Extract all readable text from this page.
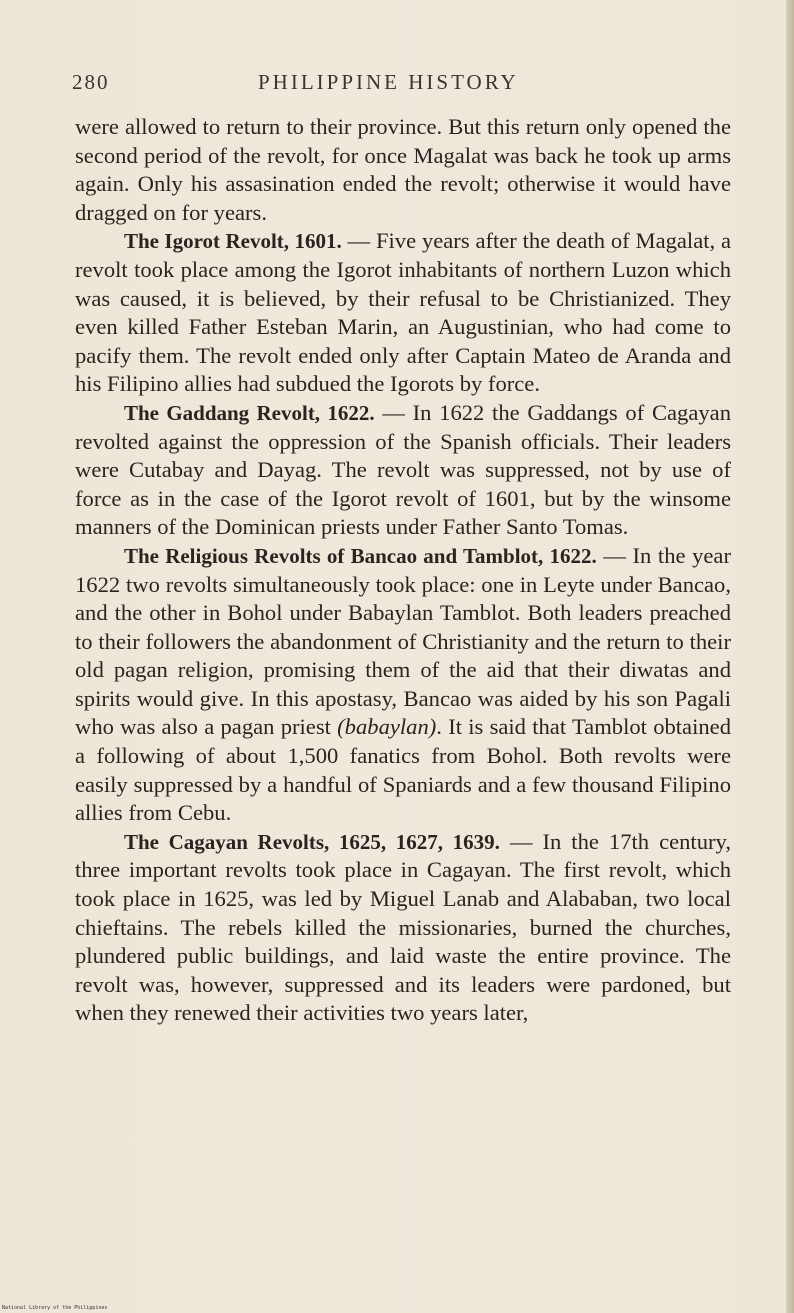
280	PHILIPPINE HISTORY

were allowed to return to their province. But this return only opened the second period of the revolt, for once Magalat was back he took up arms again. Only his assasination ended the revolt; otherwise it would have dragged on for years.

The Igorot Revolt, 1601. — Five years after the death of Magalat, a revolt took place among the Igorot inhabitants of northern Luzon which was caused, it is believed, by their refusal to be Christianized. They even killed Father Esteban Marin, an Augustinian, who had come to pacify them. The revolt ended only after Captain Mateo de Aranda and his Filipino allies had subdued the Igorots by force.

The Gaddang Revolt, 1622. — In 1622 the Gaddangs of Cagayan revolted against the oppression of the Spanish officials. Their leaders were Cutabay and Dayag. The revolt was suppressed, not by use of force as in the case of the Igorot revolt of 1601, but by the winsome manners of the Dominican priests under Father Santo Tomas.

The Religious Revolts of Bancao and Tamblot, 1622. — In the year 1622 two revolts simultaneously took place: one in Leyte under Bancao, and the other in Bohol under Babaylan Tamblot. Both leaders preached to their followers the abandonment of Christianity and the return to their old pagan religion, promising them of the aid that their diwatas and spirits would give. In this apostasy, Bancao was aided by his son Pagali who was also a pagan priest (babaylan). It is said that Tamblot obtained a following of about 1,500 fanatics from Bohol. Both revolts were easily suppressed by a handful of Spaniards and a few thousand Filipino allies from Cebu.

The Cagayan Revolts, 1625, 1627, 1639. — In the 17th century, three important revolts took place in Cagayan. The first revolt, which took place in 1625, was led by Miguel Lanab and Alababan, two local chieftains. The rebels killed the missionaries, burned the churches, plundered public buildings, and laid waste the entire province. The revolt was, however, suppressed and its leaders were pardoned, but when they renewed their activities two years later,

National Library of the Philippines
